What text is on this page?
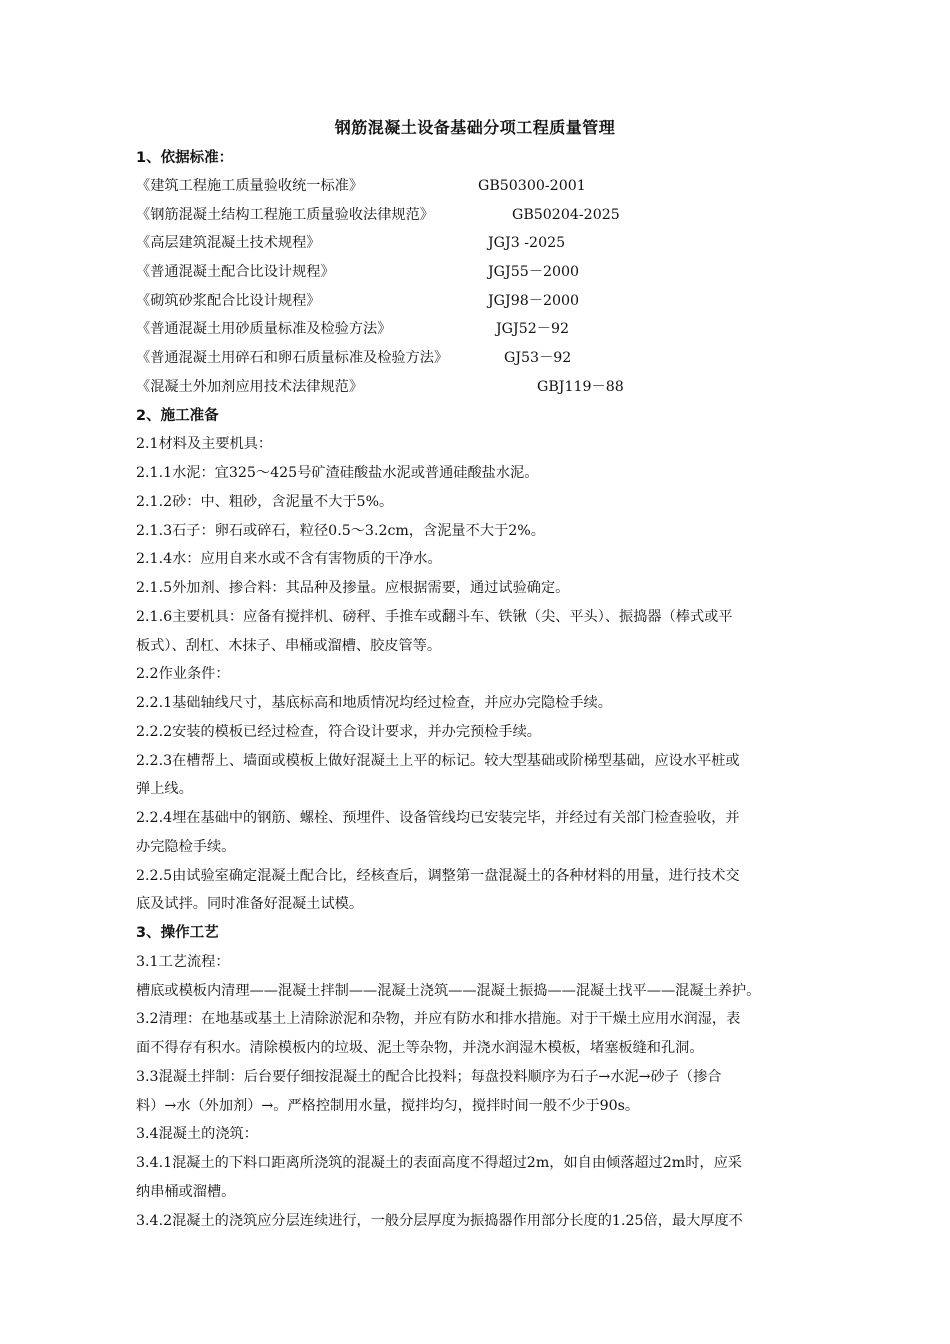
钢筋混凝土设备基础分项工程质量管理
1、依据标准：
《建筑工程施工质量验收统一标准》	GB50300-2001
《钢筋混凝土结构工程施工质量验收法律规范》	GB50204-2025
《高层建筑混凝土技术规程》	JGJ3 -2025
《普通混凝土配合比设计规程》	JGJ55－2000
《砌筑砂浆配合比设计规程》	JGJ98－2000
《普通混凝土用砂质量标准及检验方法》	JGJ52－92
《普通混凝土用碎石和卵石质量标准及检验方法》	GJ53－92
《混凝土外加剂应用技术法律规范》	GBJ119－88
2、施工准备
2.1材料及主要机具：
2.1.1水泥：宜325～425号矿渣硅酸盐水泥或普通硅酸盐水泥。
2.1.2砂：中、粗砂，含泥量不大于5%。
2.1.3石子：卵石或碎石，粒径0.5～3.2cm，含泥量不大于2%。
2.1.4水：应用自来水或不含有害物质的干净水。
2.1.5外加剂、掺合料：其品种及掺量。应根据需要，通过试验确定。
2.1.6主要机具：应备有搅拌机、磅秤、手推车或翻斗车、铁锹（尖、平头）、振捣器（棒式或平
板式）、刮杠、木抹子、串桶或溜槽、胶皮管等。
2.2作业条件：
2.2.1基础轴线尺寸，基底标高和地质情况均经过检查，并应办完隐检手续。
2.2.2安装的模板已经过检查，符合设计要求，并办完预检手续。
2.2.3在槽帮上、墙面或模板上做好混凝土上平的标记。较大型基础或阶梯型基础，应设水平桩或
弹上线。
2.2.4埋在基础中的钢筋、螺栓、预埋件、设备管线均已安装完毕，并经过有关部门检查验收，并
办完隐检手续。
2.2.5由试验室确定混凝土配合比，经核查后，调整第一盘混凝土的各种材料的用量，进行技术交
底及试拌。同时准备好混凝土试模。
3、操作工艺
3.1工艺流程：
槽底或模板内清理——混凝土拌制——混凝土浇筑——混凝土振捣——混凝土找平——混凝土养护。
3.2清理：在地基或基土上清除淤泥和杂物，并应有防水和排水措施。对于干燥土应用水润湿，表
面不得存有积水。清除模板内的垃圾、泥土等杂物，并浇水润湿木模板，堵塞板缝和孔洞。
3.3混凝土拌制：后台要仔细按混凝土的配合比投料；每盘投料顺序为石子→水泥→砂子（掺合
料）→水（外加剂）→。严格控制用水量，搅拌均匀，搅拌时间一般不少于90s。
3.4混凝土的浇筑：
3.4.1混凝土的下料口距离所浇筑的混凝土的表面高度不得超过2m，如自由倾落超过2m时，应采
纳串桶或溜槽。
3.4.2混凝土的浇筑应分层连续进行，一般分层厚度为振捣器作用部分长度的1.25倍，最大厚度不
